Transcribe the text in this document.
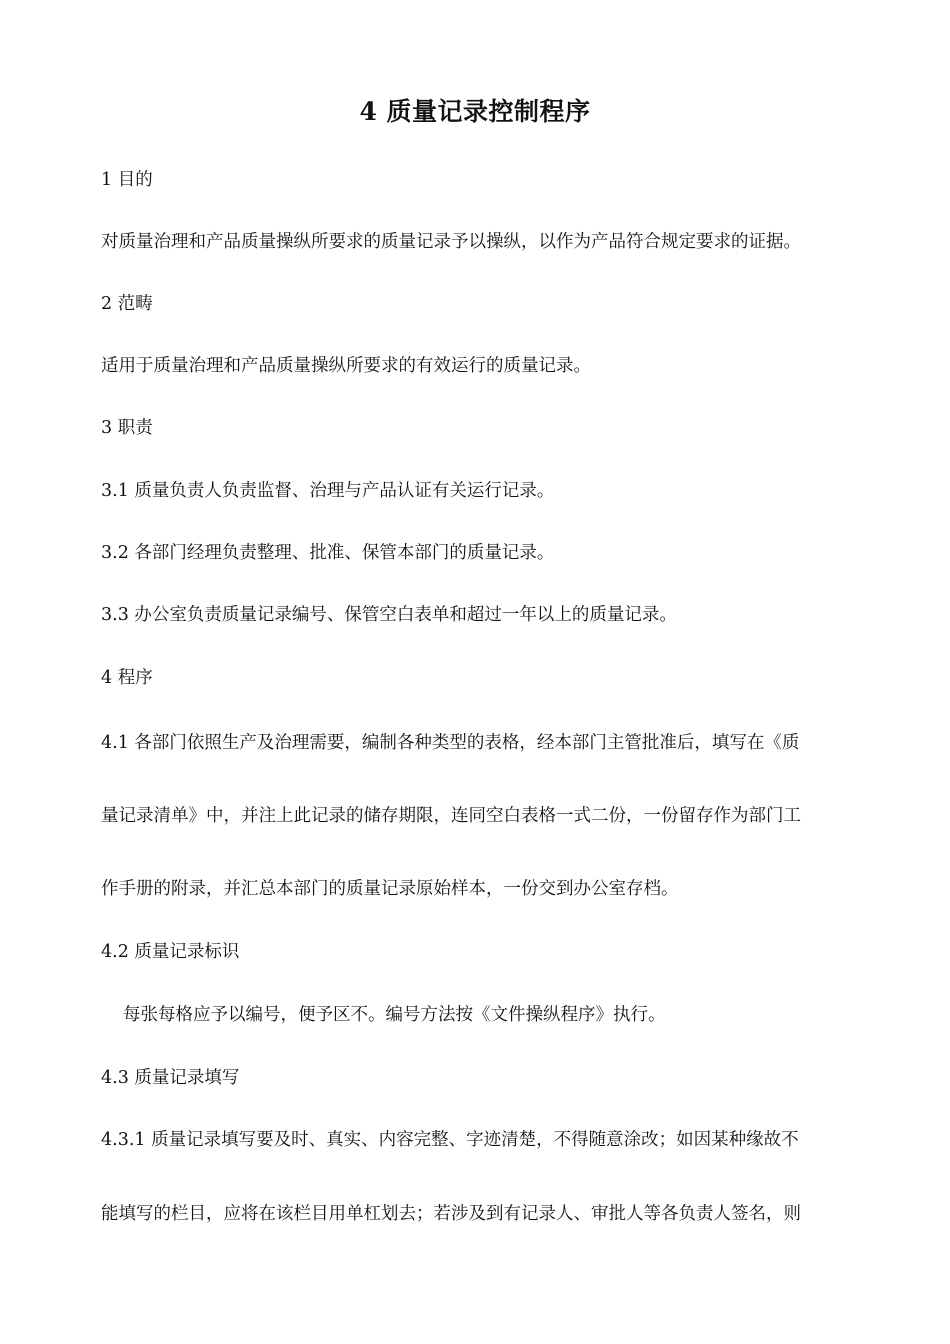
4 质量记录控制程序
1 目的
对质量治理和产品质量操纵所要求的质量记录予以操纵，以作为产品符合规定要求的证据。
2 范畴
适用于质量治理和产品质量操纵所要求的有效运行的质量记录。
3 职责
3.1 质量负责人负责监督、治理与产品认证有关运行记录。
3.2 各部门经理负责整理、批准、保管本部门的质量记录。
3.3 办公室负责质量记录编号、保管空白表单和超过一年以上的质量记录。
4 程序
4.1 各部门依照生产及治理需要，编制各种类型的表格，经本部门主管批准后，填写在《质
量记录清单》中，并注上此记录的储存期限，连同空白表格一式二份，一份留存作为部门工
作手册的附录，并汇总本部门的质量记录原始样本，一份交到办公室存档。
4.2 质量记录标识
每张每格应予以编号，便予区不。编号方法按《文件操纵程序》执行。
4.3 质量记录填写
4.3.1 质量记录填写要及时、真实、内容完整、字迹清楚，不得随意涂改；如因某种缘故不
能填写的栏目，应将在该栏目用单杠划去；若涉及到有记录人、审批人等各负责人签名，则
